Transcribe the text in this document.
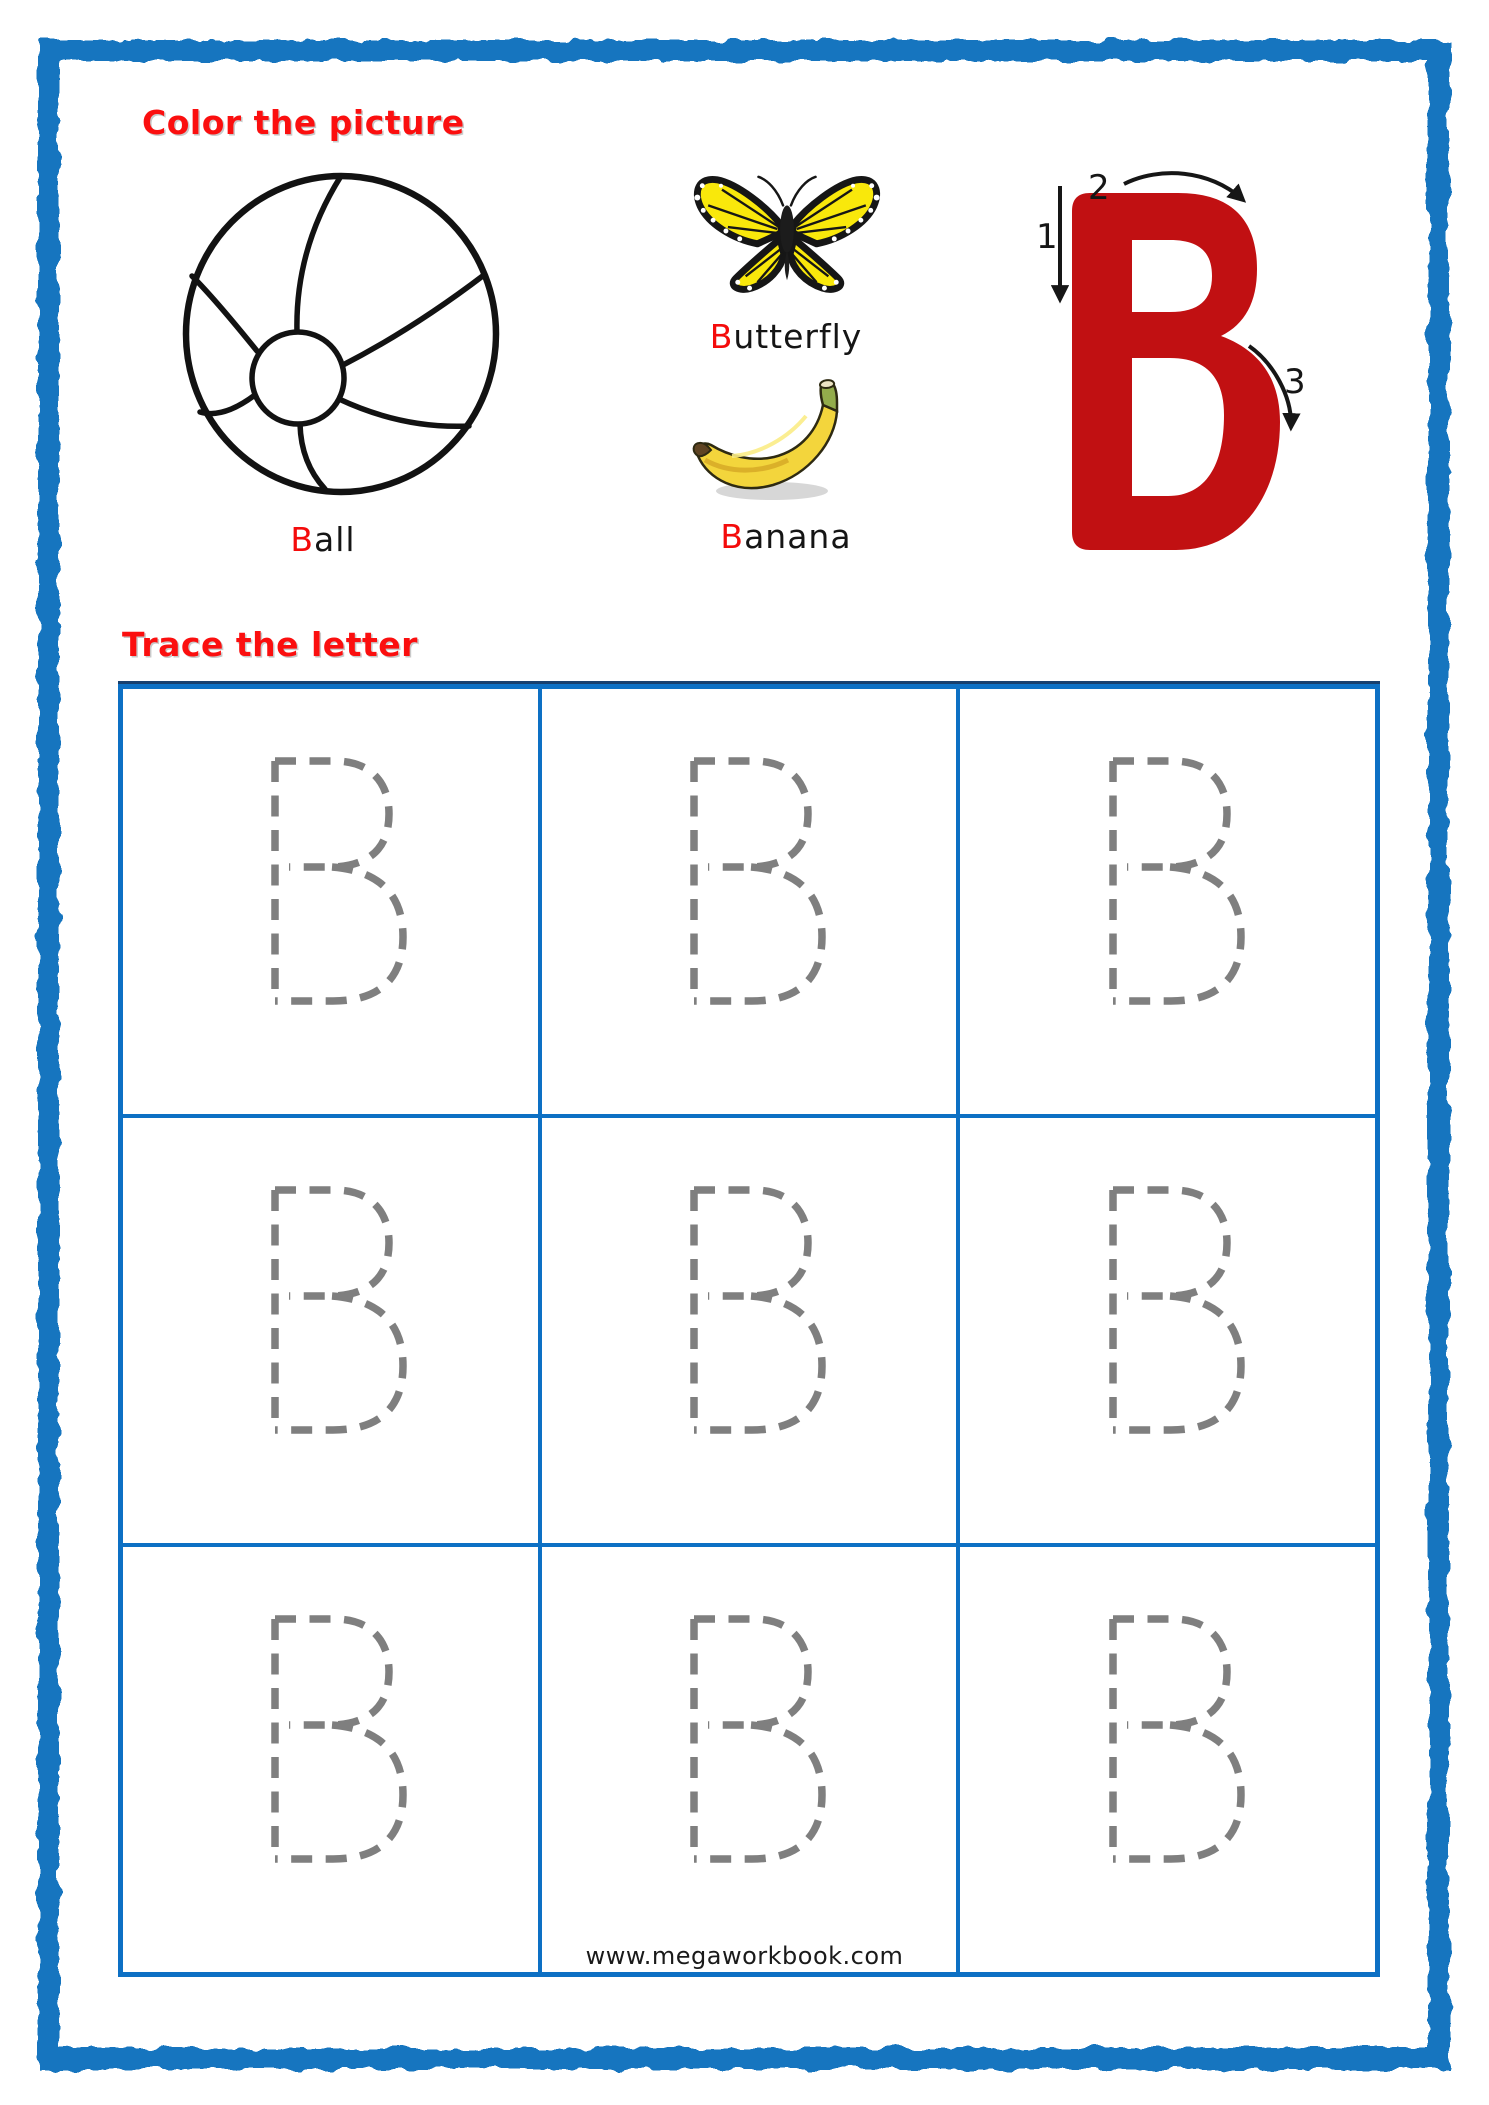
Color the picture
Ball
Butterfly
Banana
1
2
3
Trace the letter
www.megaworkbook.com
